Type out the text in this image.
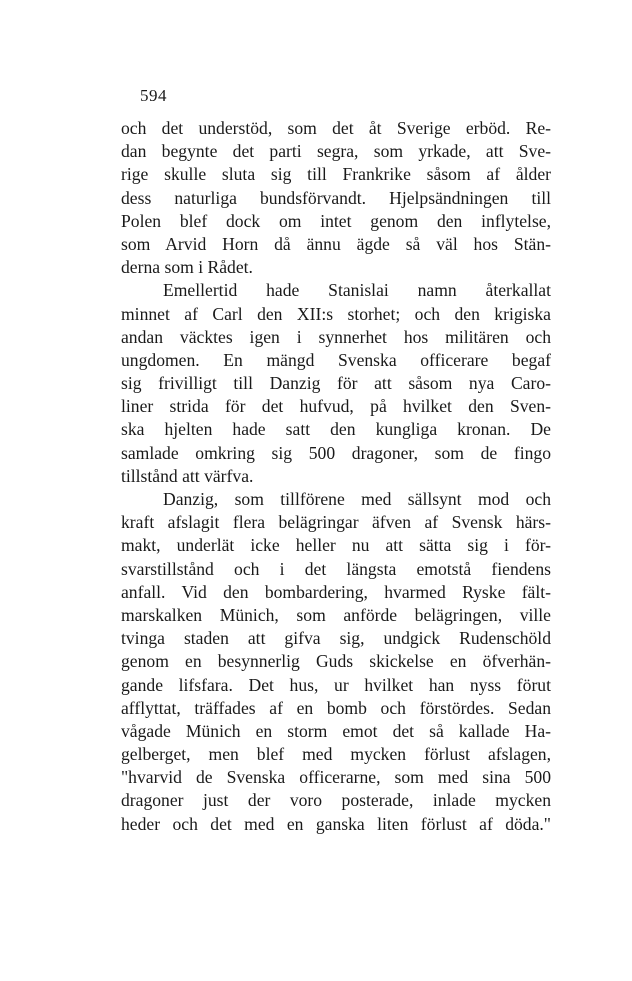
594
och det understöd, som det åt Sverige erböd. Re-
dan begynte det parti segra, som yrkade, att Sve-
rige skulle sluta sig till Frankrike såsom af ålder
dess naturliga bundsförvandt. Hjelpsändningen till
Polen blef dock om intet genom den inflytelse,
som Arvid Horn då ännu ägde så väl hos Stän-
derna som i Rådet.
Emellertid hade Stanislai namn återkallat
minnet af Carl den XII:s storhet; och den krigiska
andan väcktes igen i synnerhet hos militären och
ungdomen. En mängd Svenska officerare begaf
sig frivilligt till Danzig för att såsom nya Caro-
liner strida för det hufvud, på hvilket den Sven-
ska hjelten hade satt den kungliga kronan. De
samlade omkring sig 500 dragoner, som de fingo
tillstånd att värfva.
Danzig, som tillförene med sällsynt mod och
kraft afslagit flera belägringar äfven af Svensk härs-
makt, underlät icke heller nu att sätta sig i för-
svarstillstånd och i det längsta emotstå fiendens
anfall. Vid den bombardering, hvarmed Ryske fält-
marskalken Münich, som anförde belägringen, ville
tvinga staden att gifva sig, undgick Rudenschöld
genom en besynnerlig Guds skickelse en öfverhän-
gande lifsfara. Det hus, ur hvilket han nyss förut
afflyttat, träffades af en bomb och förstördes. Sedan
vågade Münich en storm emot det så kallade Ha-
gelberget, men blef med mycken förlust afslagen,
"hvarvid de Svenska officerarne, som med sina 500
dragoner just der voro posterade, inlade mycken
heder och det med en ganska liten förlust af döda."
